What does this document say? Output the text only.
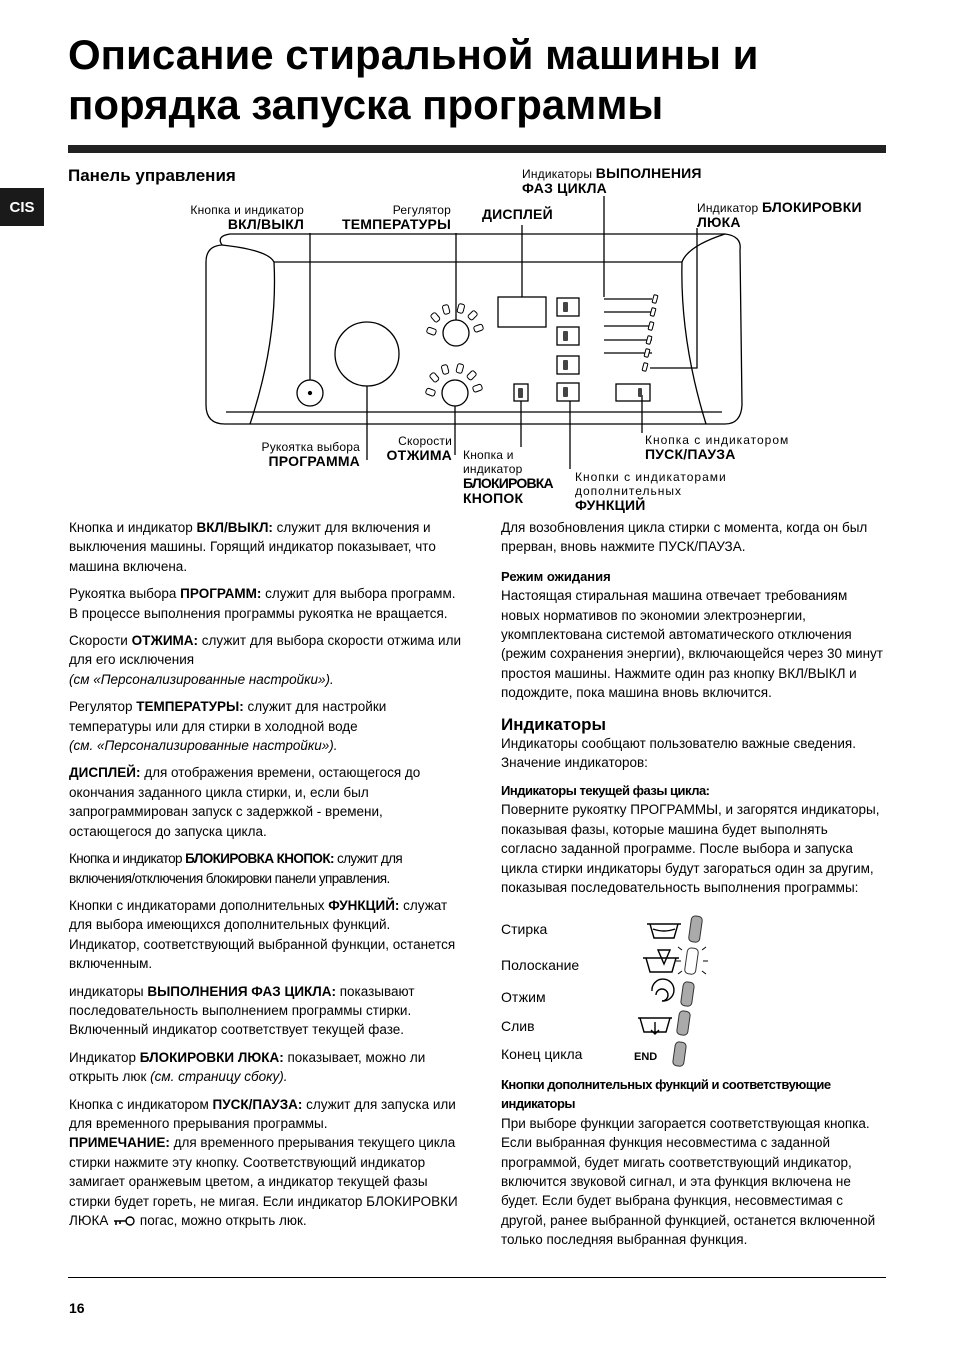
Описание стиральной машины и порядка запуска программы
CIS
Панель управления
Кнопка и индикатор
ВКЛ/ВЫКЛ
Регулятор
ТЕМПЕРАТУРЫ
ДИСПЛЕЙ
Индикаторы ВЫПОЛНЕНИЯ
ФАЗ ЦИКЛА
Индикатор БЛОКИРОВКИ
ЛЮКА
Рукоятка выбора
ПРОГРАММА
Скорости
ОТЖИМА Кнопка и
индикатор
БЛОКИРОВКА
КНОПОК
Кнопки с индикаторами
дополнительных
ФУНКЦИЙ
Кнопка с индикатором
ПУСК/ПАУЗА

Кнопка и индикатор ВКЛ/ВЫКЛ: служит для включения и выключения машины. Горящий индикатор показывает, что машина включена.

Рукоятка выбора ПРОГРАММ: служит для выбора программ. В процессе выполнения программы рукоятка не вращается.

Скорости ОТЖИМА: служит для выбора скорости отжима или для его исключения
(см «Персонализированные настройки»).

Регулятор ТЕМПЕРАТУРЫ: служит для настройки температуры или для стирки в холодной воде
(см. «Персонализированные настройки»).

ДИСПЛЕЙ: для отображения времени, остающегося до окончания заданного цикла стирки, и, если был запрограммирован запуск с задержкой - времени, остающегося до запуска цикла.

Кнопка и индикатор БЛОКИРОВКА КНОПОК: служит для включения/отключения блокировки панели управления.

Кнопки с индикаторами дополнительных ФУНКЦИЙ: служат для выбора имеющихся дополнительных функций. Индикатор, соответствующий выбранной функции, останется включенным.

индикаторы ВЫПОЛНЕНИЯ ФАЗ ЦИКЛА: показывают последовательность выполнением программы стирки. Включенный индикатор соответствует текущей фазе.

Индикатор БЛОКИРОВКИ ЛЮКА: показывает, можно ли открыть люк (см. страницу сбоку).

Кнопка с индикатором ПУСК/ПАУЗА: служит для запуска или для временного прерывания программы.
ПРИМЕЧАНИЕ: для временного прерывания текущего цикла стирки нажмите эту кнопку. Соответствующий индикатор замигает оранжевым цветом, а индикатор текущей фазы стирки будет гореть, не мигая. Если индикатор БЛОКИРОВКИ ЛЮКА погас, можно открыть люк.

Для возобновления цикла стирки с момента, когда он был прерван, вновь нажмите ПУСК/ПАУЗА.

Режим ожидания

Настоящая стиральная машина отвечает требованиям новых нормативов по экономии электроэнергии, укомплектована системой автоматического отключения (режим сохранения энергии), включающейся через 30 минут простоя машины. Нажмите один раз кнопку ВКЛ/ВЫКЛ и подождите, пока машина вновь включится.

Индикаторы

Индикаторы сообщают пользователю важные сведения. Значение индикаторов:

Индикаторы текущей фазы цикла:

Поверните рукоятку ПРОГРАММЫ, и загорятся индикаторы, показывая фазы, которые машина будет выполнять согласно заданной программе. После выбора и запуска цикла стирки индикаторы будут загораться один за другим, показывая последовательность выполнения программы:

Стирка
Полоскание
Отжим
Слив
Конец цикла	END
Кнопки дополнительных функций и соответствующие индикаторы

При выборе функции загорается соответствующая кнопка. Если выбранная функция несовместима с заданной программой, будет мигать соответствующий индикатор, включится звуковой сигнал, и эта функция включена не будет. Если будет выбрана функция, несовместимая с другой, ранее выбранной функцией, останется включенной только последняя выбранная функция.

16
